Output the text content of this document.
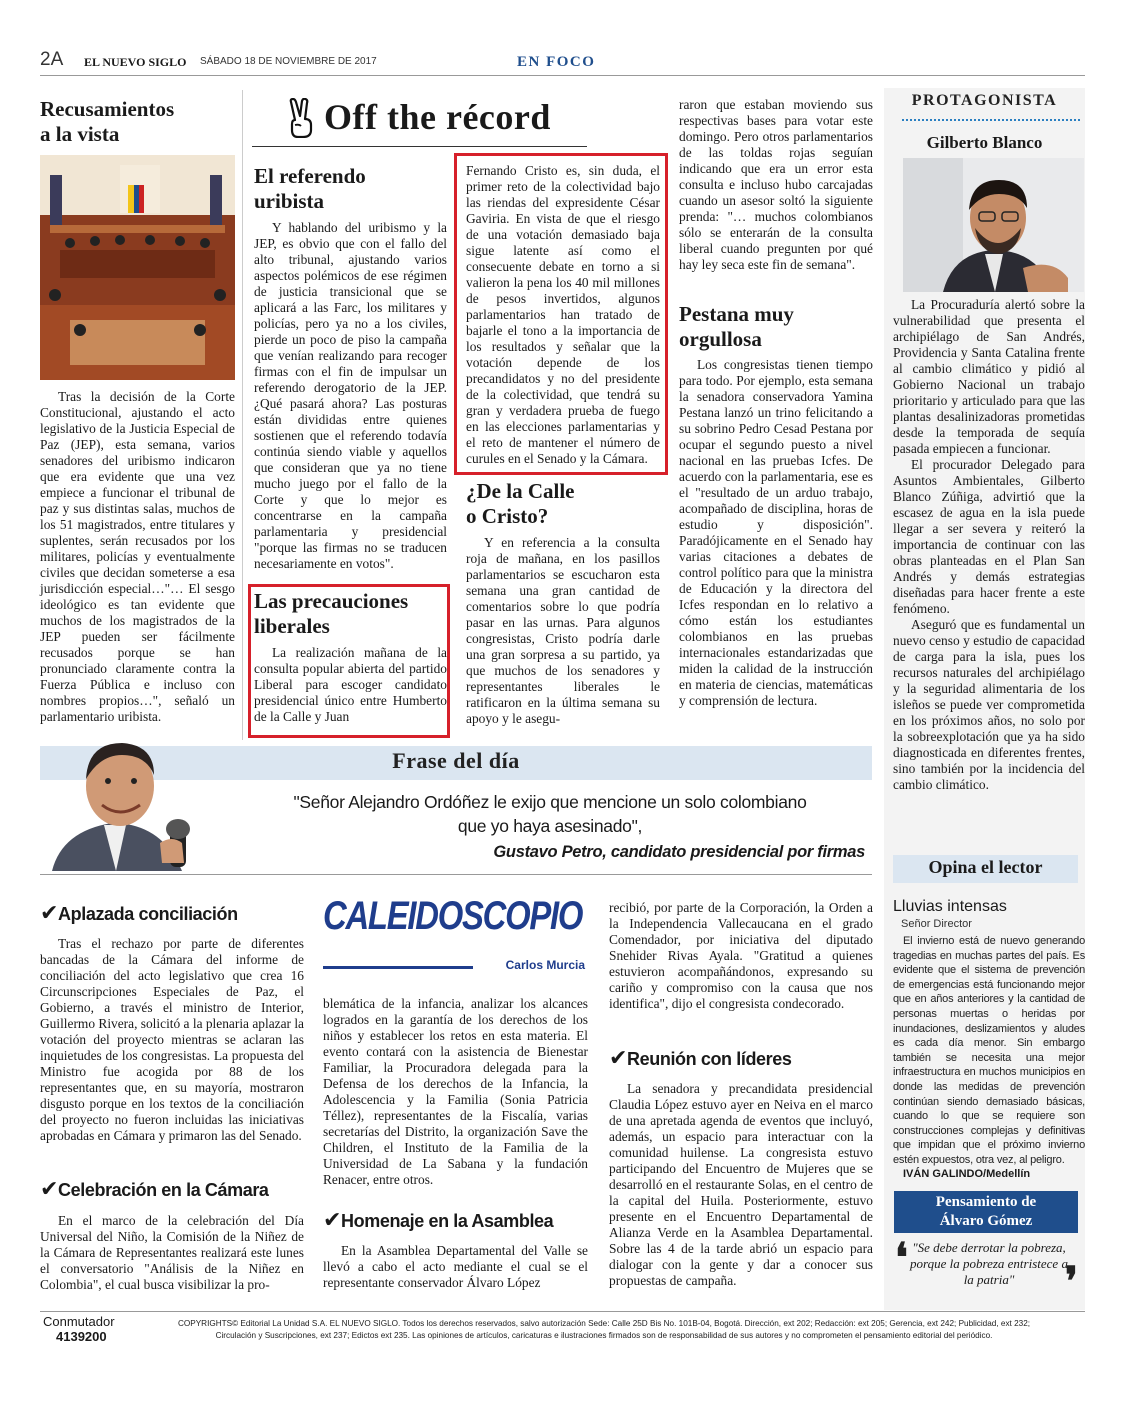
2A EL NUEVO SIGLO SÁBADO 18 DE NOVIEMBRE DE 2017	EN FOCO
Recusamientos
a la vista

Tras la decisión de la Corte Constitucional, ajustando el acto legislativo de la Justicia Especial de Paz (JEP), esta semana, varios senadores del uribismo indicaron que era evidente que una vez empiece a funcionar el tribunal de paz y sus distintas salas, muchos de los 51 magistrados, entre titulares y suplentes, serán recusados por los militares, policías y eventualmente civiles que decidan someterse a esa jurisdicción especial…"… El sesgo ideológico es tan evidente que muchos de los magistrados de la JEP pueden ser fácilmente recusados porque se han pronunciado claramente contra la Fuerza Pública e incluso con nombres propios…", señaló un parlamentario uribista.

Off the récord
El referendo
uribista

Y hablando del uribismo y la JEP, es obvio que con el fallo del alto tribunal, ajustando varios aspectos polémicos de ese régimen de justicia transicional que se aplicará a las Farc, los militares y policías, pero ya no a los civiles, pierde un poco de piso la campaña que venían realizando para recoger firmas con el fin de impulsar un referendo derogatorio de la JEP. ¿Qué pasará ahora? Las posturas están divididas entre quienes sostienen que el referendo todavía continúa siendo viable y aquellos que consideran que ya no tiene mucho juego por el fallo de la Corte y que lo mejor es concentrarse en la campaña parlamentaria y presidencial "porque las firmas no se traducen necesariamente en votos".

Las precauciones
liberales

La realización mañana de la consulta popular abierta del partido Liberal para escoger candidato presidencial único entre Humberto de la Calle y Juan

Fernando Cristo es, sin duda, el primer reto de la colectividad bajo las riendas del expresidente César Gaviria. En vista de que el riesgo de una votación demasiado baja sigue latente así como el consecuente debate en torno a si valieron la pena los 40 mil millones de pesos invertidos, algunos parlamentarios han tratado de bajarle el tono a la importancia de los resultados y señalar que la votación depende de los precandidatos y no del presidente de la colectividad, que tendrá su gran y verdadera prueba de fuego en las elecciones parlamentarias y el reto de mantener el número de curules en el Senado y la Cámara.

¿De la Calle
o Cristo?

Y en referencia a la consulta roja de mañana, en los pasillos parlamentarios se escucharon esta semana una gran cantidad de comentarios sobre lo que podría pasar en las urnas. Para algunos congresistas, Cristo podría darle una gran sorpresa a su partido, ya que muchos de los senadores y representantes liberales le ratificaron en la última semana su apoyo y le asegu-

raron que estaban moviendo sus respectivas bases para votar este domingo. Pero otros parlamentarios de las toldas rojas seguían indicando que era un error esta consulta e incluso hubo carcajadas cuando un asesor soltó la siguiente prenda: "… muchos colombianos sólo se enterarán de la consulta liberal cuando pregunten por qué hay ley seca este fin de semana".

Pestana muy
orgullosa

Los congresistas tienen tiempo para todo. Por ejemplo, esta semana la senadora conservadora Yamina Pestana lanzó un trino felicitando a su sobrino Pedro Cesad Pestana por ocupar el segundo puesto a nivel nacional en las pruebas Icfes. De acuerdo con la parlamentaria, ese es el "resultado de un arduo trabajo, acompañado de disciplina, horas de estudio y disposición". Paradójicamente en el Senado hay varias citaciones a debates de control político para que la ministra de Educación y la directora del Icfes respondan en lo relativo a cómo están los estudiantes colombianos en las pruebas internacionales estandarizadas que miden la calidad de la instrucción en materia de ciencias, matemáticas y comprensión de lectura.

PROTAGONISTA
Gilberto Blanco

La Procuraduría alertó sobre la vulnerabilidad que presenta el archipiélago de San Andrés, Providencia y Santa Catalina frente al cambio climático y pidió al Gobierno Nacional un trabajo prioritario y articulado para que las plantas desalinizadoras prometidas desde la temporada de sequía pasada empiecen a funcionar.

El procurador Delegado para Asuntos Ambientales, Gilberto Blanco Zúñiga, advirtió que la escasez de agua en la isla puede llegar a ser severa y reiteró la importancia de continuar con las obras planteadas en el Plan San Andrés y demás estrategias diseñadas para hacer frente a este fenómeno.

Aseguró que es fundamental un nuevo censo y estudio de capacidad de carga para la isla, pues los recursos naturales del archipiélago y la seguridad alimentaria de los isleños se puede ver comprometida en los próximos años, no solo por la sobreexplotación que ya ha sido diagnosticada en diferentes frentes, sino también por la incidencia del cambio climático.

Frase del día
"Señor Alejandro Ordóñez le exijo que mencione un solo colombiano
que yo haya asesinado",
Gustavo Petro, candidato presidencial por firmas
✔Aplazada conciliación

Tras el rechazo por parte de diferentes bancadas de la Cámara del informe de conciliación del acto legislativo que crea 16 Circunscripciones Especiales de Paz, el Gobierno, a través el ministro de Interior, Guillermo Rivera, solicitó a la plenaria aplazar la votación del proyecto mientras se aclaran las inquietudes de los congresistas. La propuesta del Ministro fue acogida por 88 de los representantes que, en su mayoría, mostraron disgusto porque en los textos de la conciliación del proyecto no fueron incluidas las iniciativas aprobadas en Cámara y primaron las del Senado.

✔Celebración en la Cámara

En el marco de la celebración del Día Universal del Niño, la Comisión de la Niñez de la Cámara de Representantes realizará este lunes el conversatorio "Análisis de la Niñez en Colombia", el cual busca visibilizar la pro-

CALEIDOSCOPIO
Carlos Murcia

blemática de la infancia, analizar los alcances logrados en la garantía de los derechos de los niños y establecer los retos en esta materia. El evento contará con la asistencia de Bienestar Familiar, la Procuradora delegada para la Defensa de los derechos de la Infancia, la Adolescencia y la Familia (Sonia Patricia Téllez), representantes de la Fiscalía, varias secretarías del Distrito, la organización Save the Children, el Instituto de la Familia de la Universidad de La Sabana y la fundación Renacer, entre otros.

✔Homenaje en la Asamblea

En la Asamblea Departamental del Valle se llevó a cabo el acto mediante el cual se el representante conservador Álvaro López

recibió, por parte de la Corporación, la Orden a la Independencia Vallecaucana en el grado Comendador, por iniciativa del diputado Snehider Rivas Ayala. "Gratitud a quienes estuvieron acompañándonos, expresando su cariño y compromiso con la causa que nos identifica", dijo el congresista condecorado.

✔Reunión con líderes

La senadora y precandidata presidencial Claudia López estuvo ayer en Neiva en el marco de una apretada agenda de eventos que incluyó, además, un espacio para interactuar con la comunidad huilense. La congresista estuvo participando del Encuentro de Mujeres que se desarrolló en el restaurante Solas, en el centro de la capital del Huila. Posteriormente, estuvo presente en el Encuentro Departamental de Alianza Verde en la Asamblea Departamental. Sobre las 4 de la tarde abrió un espacio para dialogar con la gente y dar a conocer sus propuestas de campaña.

Opina el lector
Lluvias intensas
Señor Director

El invierno está de nuevo generando tragedias en muchas partes del país. Es evidente que el sistema de prevención de emergencias está funcionando mejor que en años anteriores y la cantidad de personas muertas o heridas por inundaciones, deslizamientos y aludes es cada día menor. Sin embargo también se necesita una mejor infraestructura en muchos municipios en donde las medidas de prevención continúan siendo demasiado básicas, cuando lo que se requiere son construcciones complejas y definitivas que impidan que el próximo invierno estén expuestos, otra vez, al peligro.

IVÁN GALINDO/Medellín
Pensamiento de
Álvaro Gómez
❛ "Se debe derrotar la pobreza, porque la pobreza entristece a la patria"	❜
Conmutador
4139200
COPYRIGHTS© Editorial La Unidad S.A. EL NUEVO SIGLO. Todos los derechos reservados, salvo autorización Sede: Calle 25D Bis No. 101B-04, Bogotá. Dirección, ext 202; Redacción: ext 205; Gerencia, ext 242; Publicidad, ext 232;
Circulación y Suscripciones, ext 237; Edictos ext 235. Las opiniones de artículos, caricaturas e ilustraciones firmados son de responsabilidad de sus autores y no comprometen el pensamiento editorial del periódico.
